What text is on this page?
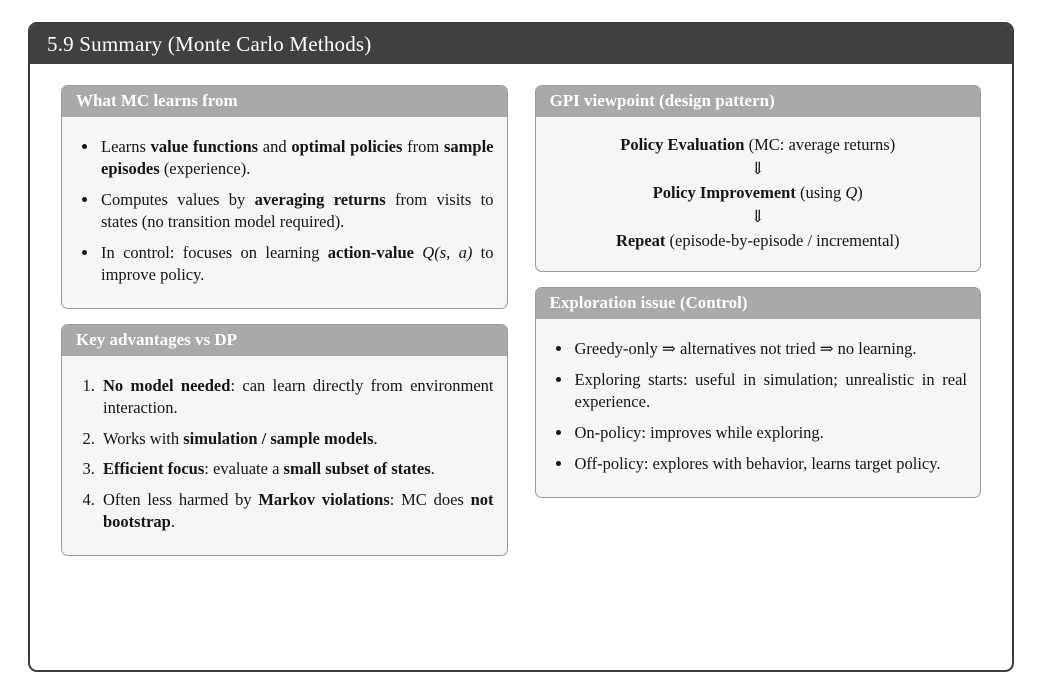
5.9 Summary (Monte Carlo Methods)
What MC learns from
• Learns value functions and optimal policies from sample episodes (experience).
• Computes values by averaging returns from visits to states (no transition model required).
• In control: focuses on learning action-value Q(s, a) to improve policy.
Key advantages vs DP
1. No model needed: can learn directly from environment interaction.
2. Works with simulation / sample models.
3. Efficient focus: evaluate a small subset of states.
4. Often less harmed by Markov violations: MC does not bootstrap.
GPI viewpoint (design pattern)
Policy Evaluation (MC: average returns)
⇓
Policy Improvement (using Q)
⇓
Repeat (episode-by-episode / incremental)
Exploration issue (Control)
• Greedy-only ⇒ alternatives not tried ⇒ no learning.
• Exploring starts: useful in simulation; unrealistic in real experience.
• On-policy: improves while exploring.
• Off-policy: explores with behavior, learns target policy.
